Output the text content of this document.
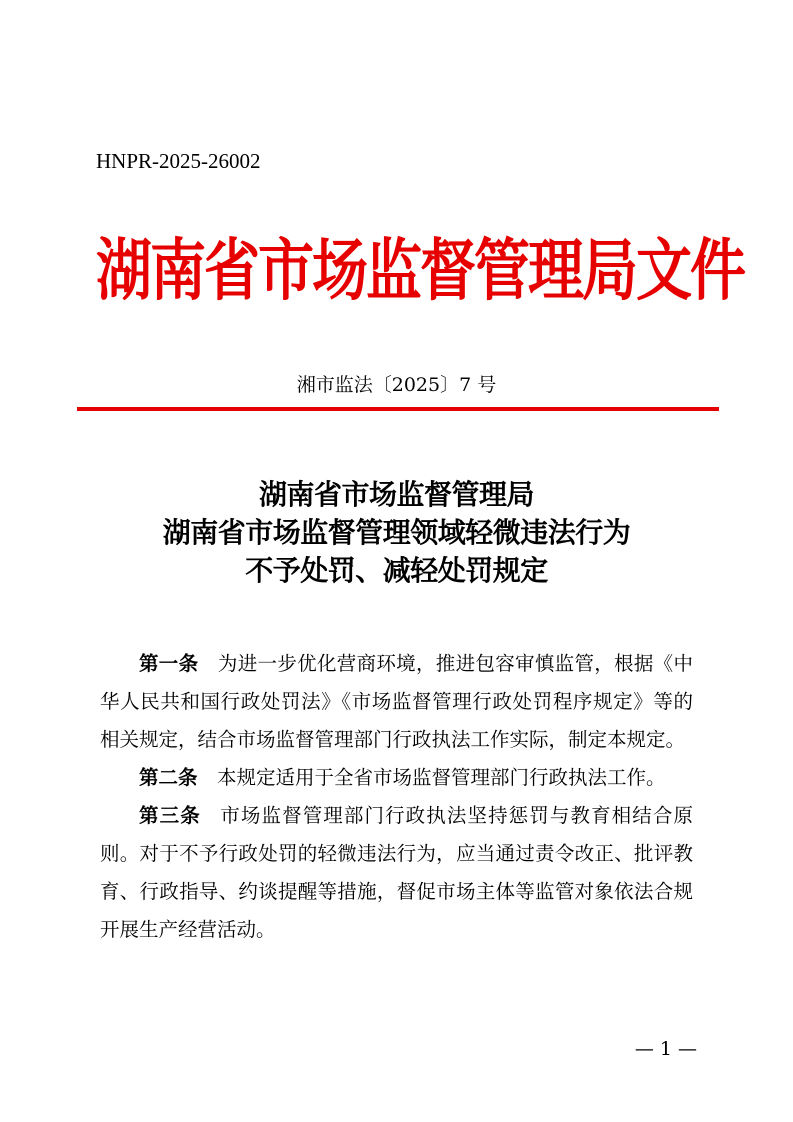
HNPR-2025-26002
湖南省市场监督管理局文件
湘市监法〔2025〕7 号
湖南省市场监督管理局
湖南省市场监督管理领域轻微违法行为
不予处罚、减轻处罚规定

第一条 为进一步优化营商环境，推进包容审慎监管，根据《中华人民共和国行政处罚法》《市场监督管理行政处罚程序规定》等的相关规定，结合市场监督管理部门行政执法工作实际，制定本规定。

第二条 本规定适用于全省市场监督管理部门行政执法工作。

第三条 市场监督管理部门行政执法坚持惩罚与教育相结合原则。对于不予行政处罚的轻微违法行为，应当通过责令改正、批评教育、行政指导、约谈提醒等措施，督促市场主体等监管对象依法合规开展生产经营活动。

— 1 —
